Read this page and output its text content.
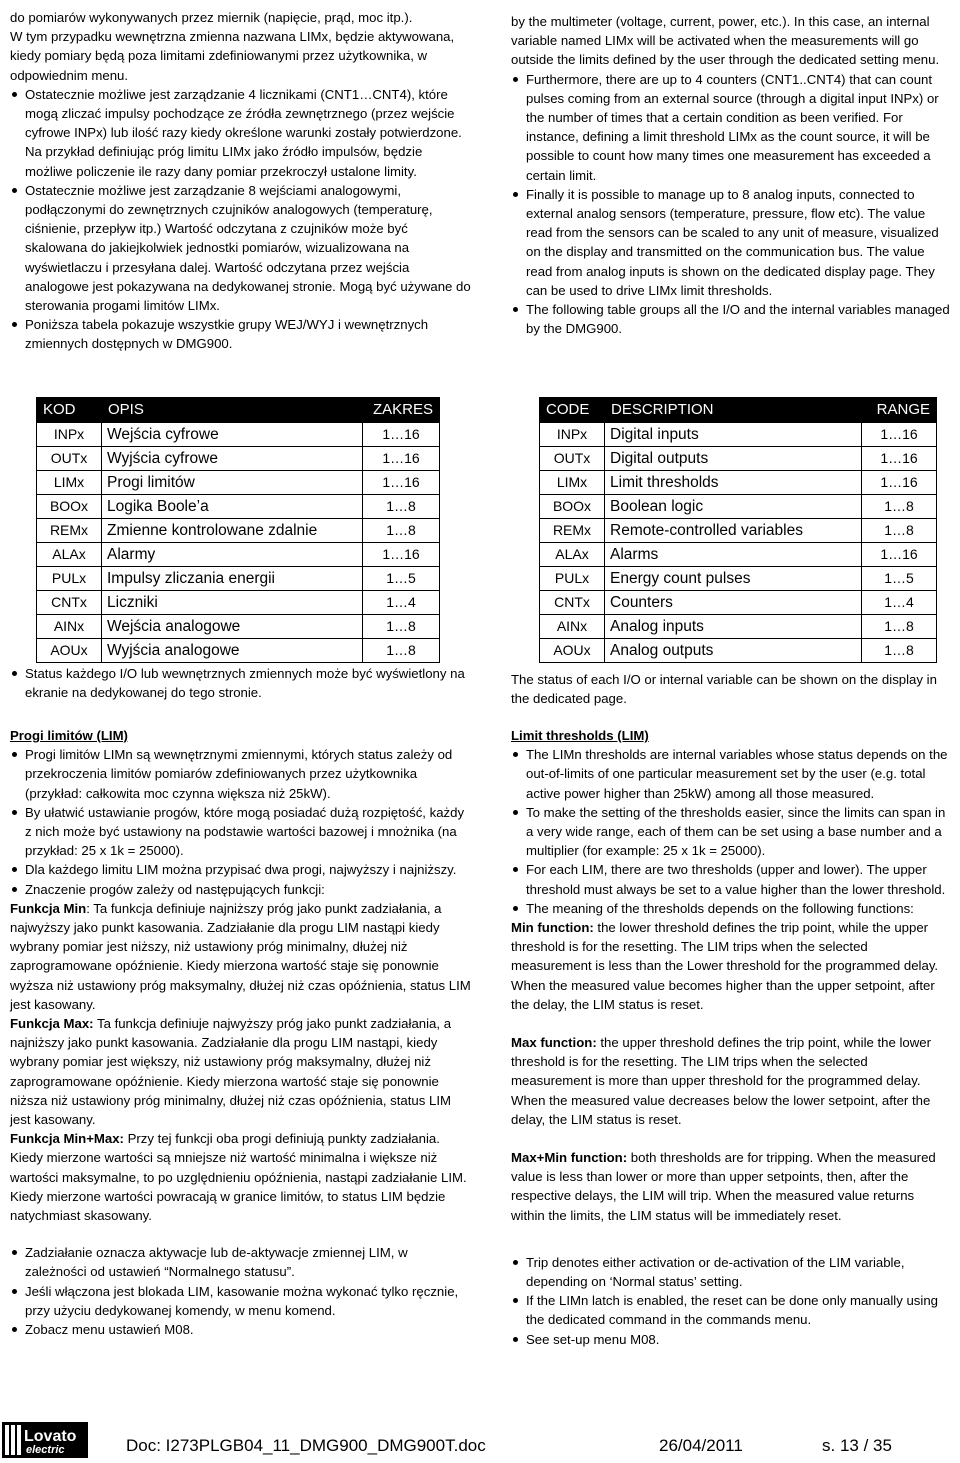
do pomiarów wykonywanych przez miernik (napięcie, prąd, moc itp.).

W tym przypadku wewnętrzna zmienna nazwana LIMx, będzie aktywowana, kiedy pomiary będą poza limitami zdefiniowanymi przez użytkownika, w odpowiednim menu.

Ostatecznie możliwe jest zarządzanie 4 licznikami (CNT1…CNT4), które mogą zliczać impulsy pochodzące ze źródła zewnętrznego (przez wejście cyfrowe INPx) lub ilość razy kiedy określone warunki zostały potwierdzone. Na przykład definiując próg limitu LIMx jako źródło impulsów, będzie możliwe policzenie ile razy dany pomiar przekroczył ustalone limity.
Ostatecznie możliwe jest zarządzanie 8 wejściami analogowymi, podłączonymi do zewnętrznych czujników analogowych (temperaturę, ciśnienie, przepływ itp.) Wartość odczytana z czujników może być skalowana do jakiejkolwiek jednostki pomiarów, wizualizowana na wyświetlaczu i przesyłana dalej. Wartość odczytana przez wejścia analogowe jest pokazywana na dedykowanej stronie. Mogą być używane do sterowania progami limitów LIMx.
Poniższa tabela pokazuje wszystkie grupy WEJ/WYJ i wewnętrznych zmiennych dostępnych w DMG900.
KOD	OPIS	ZAKRES
INPx	Wejścia cyfrowe	1…16
OUTx	Wyjścia cyfrowe	1…16
LIMx	Progi limitów	1…16
BOOx	Logika Boole’a	1…8
REMx	Zmienne kontrolowane zdalnie	1…8
ALAx	Alarmy	1…16
PULx	Impulsy zliczania energii	1…5
CNTx	Liczniki	1…4
AINx	Wejścia analogowe	1…8
AOUx	Wyjścia analogowe	1…8
Status każdego I/O lub wewnętrznych zmiennych może być wyświetlony na ekranie na dedykowanej do tego stronie.

Progi limitów (LIM)

Progi limitów LIMn są wewnętrznymi zmiennymi, których status zależy od przekroczenia limitów pomiarów zdefiniowanych przez użytkownika (przykład: całkowita moc czynna większa niż 25kW).
By ułatwić ustawianie progów, które mogą posiadać dużą rozpiętość, każdy z nich może być ustawiony na podstawie wartości bazowej i mnożnika (na przykład: 25 x 1k = 25000).
Dla każdego limitu LIM można przypisać dwa progi, najwyższy i najniższy.
Znaczenie progów zależy od następujących funkcji:

Funkcja Min: Ta funkcja definiuje najniższy próg jako punkt zadziałania, a najwyższy jako punkt kasowania. Zadziałanie dla progu LIM nastąpi kiedy wybrany pomiar jest niższy, niż ustawiony próg minimalny, dłużej niż zaprogramowane opóźnienie. Kiedy mierzona wartość staje się ponownie wyższa niż ustawiony próg maksymalny, dłużej niż czas opóźnienia, status LIM jest kasowany.

Funkcja Max: Ta funkcja definiuje najwyższy próg jako punkt zadziałania, a najniższy jako punkt kasowania. Zadziałanie dla progu LIM nastąpi, kiedy wybrany pomiar jest większy, niż ustawiony próg maksymalny, dłużej niż zaprogramowane opóźnienie. Kiedy mierzona wartość staje się ponownie niższa niż ustawiony próg minimalny, dłużej niż czas opóźnienia, status LIM jest kasowany.

Funkcja Min+Max: Przy tej funkcji oba progi definiują punkty zadziałania. Kiedy mierzone wartości są mniejsze niż wartość minimalna i większe niż wartości maksymalne, to po uzględnieniu opóźnienia, nastąpi zadziałanie LIM. Kiedy mierzone wartości powracają w granice limitów, to status LIM będzie natychmiast skasowany.

Zadziałanie oznacza aktywacje lub de-aktywacje zmiennej LIM, w zależności od ustawień “Normalnego statusu”.
Jeśli włączona jest blokada LIM, kasowanie można wykonać tylko ręcznie, przy użyciu dedykowanej komendy, w menu komend.
Zobacz menu ustawień M08.

by the multimeter (voltage, current, power, etc.). In this case, an internal variable named LIMx will be activated when the measurements will go outside the limits defined by the user through the dedicated setting menu.

Furthermore, there are up to 4 counters (CNT1..CNT4) that can count pulses coming from an external source (through a digital input INPx) or the number of times that a certain condition as been verified. For instance, defining a limit threshold LIMx as the count source, it will be possible to count how many times one measurement has exceeded a certain limit.
Finally it is possible to manage up to 8 analog inputs, connected to external analog sensors (temperature, pressure, flow etc). The value read from the sensors can be scaled to any unit of measure, visualized on the display and transmitted on the communication bus. The value read from analog inputs is shown on the dedicated display page. They can be used to drive LIMx limit thresholds.
The following table groups all the I/O and the internal variables managed by the DMG900.
CODE	DESCRIPTION	RANGE
INPx	Digital inputs	1…16
OUTx	Digital outputs	1…16
LIMx	Limit thresholds	1…16
BOOx	Boolean logic	1…8
REMx	Remote-controlled variables	1…8
ALAx	Alarms	1…16
PULx	Energy count pulses	1…5
CNTx	Counters	1…4
AINx	Analog inputs	1…8
AOUx	Analog outputs	1…8

The status of each I/O or internal variable can be shown on the display in the dedicated page.

Limit thresholds (LIM)

The LIMn thresholds are internal variables whose status depends on the out-of-limits of one particular measurement set by the user (e.g. total active power higher than 25kW) among all those measured.
To make the setting of the thresholds easier, since the limits can span in a very wide range, each of them can be set using a base number and a multiplier (for example: 25 x 1k = 25000).
For each LIM, there are two thresholds (upper and lower). The upper threshold must always be set to a value higher than the lower threshold.
The meaning of the thresholds depends on the following functions:

Min function: the lower threshold defines the trip point, while the upper threshold is for the resetting. The LIM trips when the selected measurement is less than the Lower threshold for the programmed delay. When the measured value becomes higher than the upper setpoint, after the delay, the LIM status is reset.

Max function: the upper threshold defines the trip point, while the lower threshold is for the resetting. The LIM trips when the selected measurement is more than upper threshold for the programmed delay. When the measured value decreases below the lower setpoint, after the delay, the LIM status is reset.

Max+Min function: both thresholds are for tripping. When the measured value is less than lower or more than upper setpoints, then, after the respective delays, the LIM will trip. When the measured value returns within the limits, the LIM status will be immediately reset.

Trip denotes either activation or de-activation of the LIM variable, depending on ‘Normal status’ setting.
If the LIMn latch is enabled, the reset can be done only manually using the dedicated command in the commands menu.
See set-up menu M08.
Lovato
electric	Doc: I273PLGB04_11_DMG900_DMG900T.doc	26/04/2011	s. 13 / 35
